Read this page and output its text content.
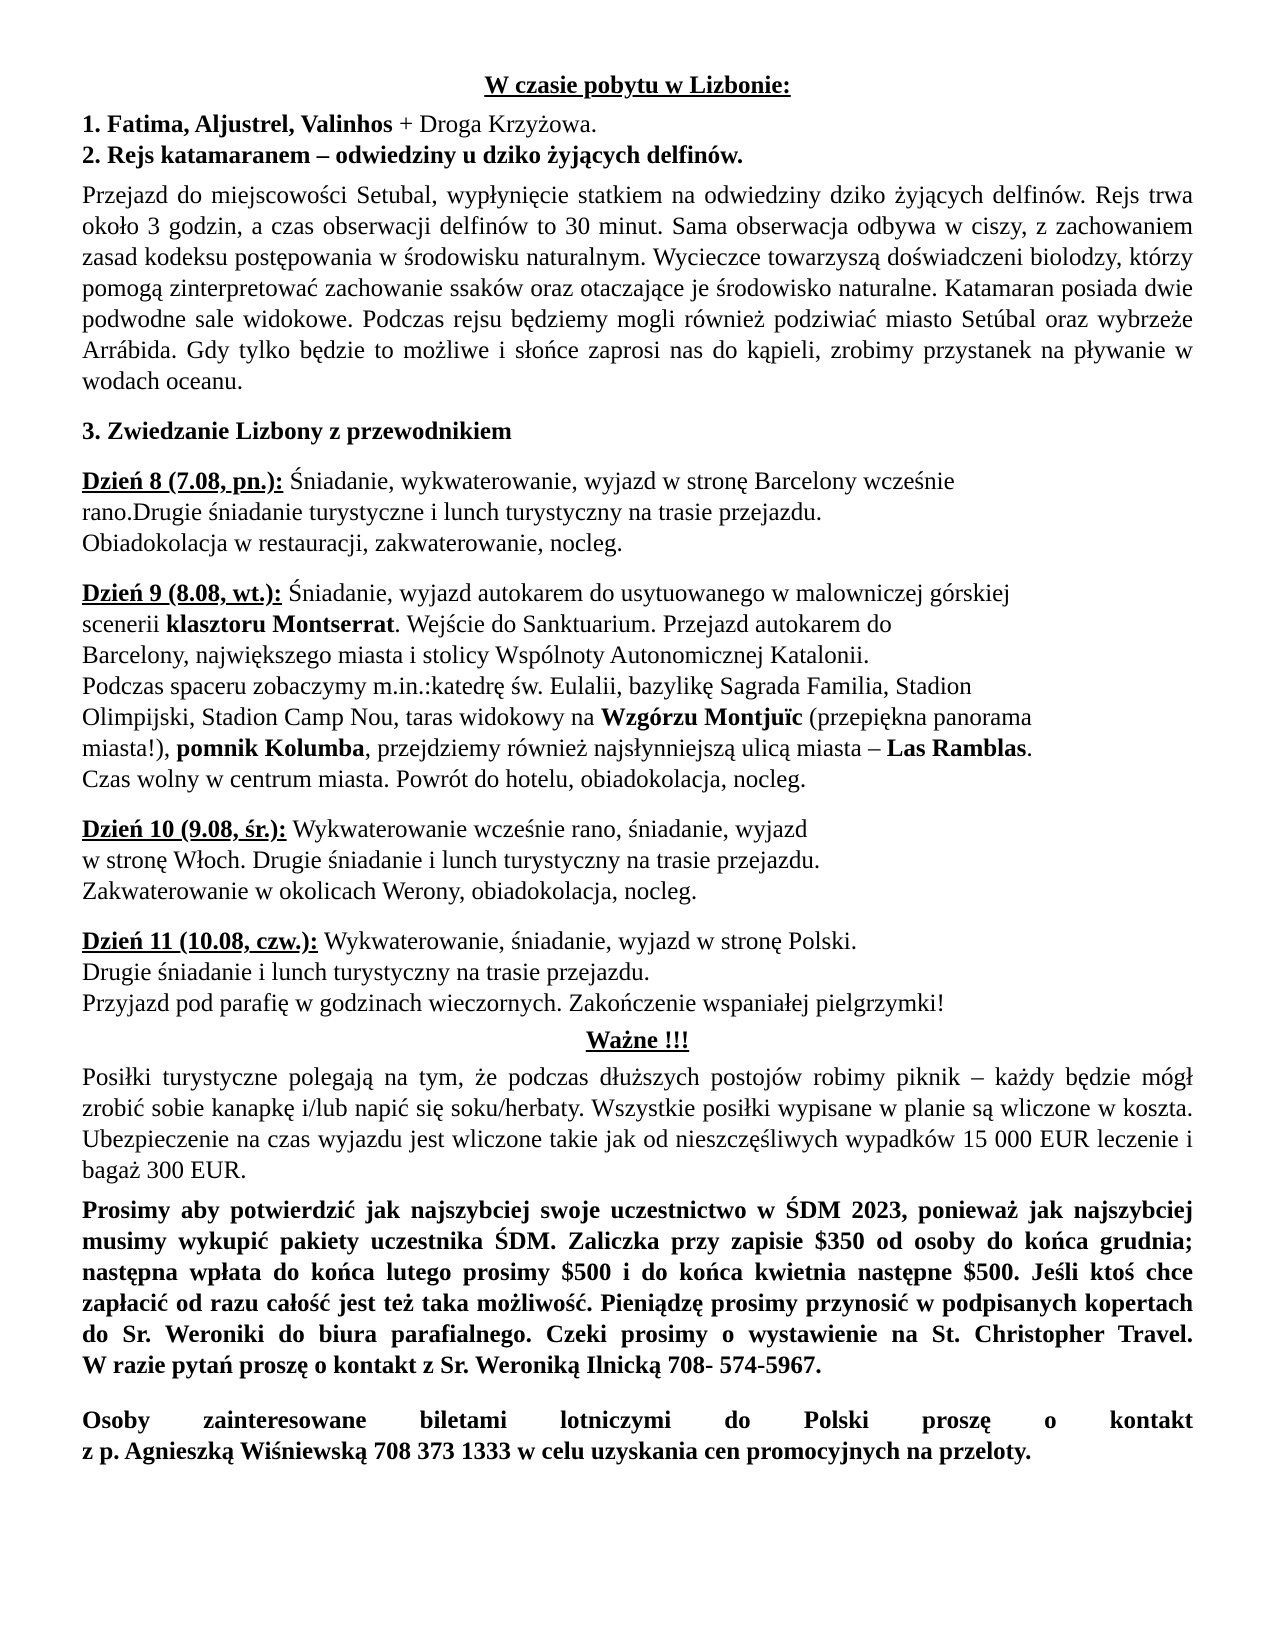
W czasie pobytu w Lizbonie:

1. Fatima, Aljustrel, Valinhos + Droga Krzyżowa.

2. Rejs katamaranem – odwiedziny u dziko żyjących delfinów.

Przejazd do miejscowości Setubal, wypłynięcie statkiem na odwiedziny dziko żyjących delfinów. Rejs trwa około 3 godzin, a czas obserwacji delfinów to 30 minut. Sama obserwacja odbywa w ciszy, z zachowaniem zasad kodeksu postępowania w środowisku naturalnym. Wycieczce towarzyszą doświadczeni biolodzy, którzy pomogą zinterpretować zachowanie ssaków oraz otaczające je środowisko naturalne. Katamaran posiada dwie podwodne sale widokowe. Podczas rejsu będziemy mogli również podziwiać miasto Setúbal oraz wybrzeże Arrábida. Gdy tylko będzie to możliwe i słońce zaprosi nas do kąpieli, zrobimy przystanek na pływanie w wodach oceanu.

3. Zwiedzanie Lizbony z przewodnikiem

Dzień 8 (7.08, pn.): Śniadanie, wykwaterowanie, wyjazd w stronę Barcelony wcześnie

rano.Drugie śniadanie turystyczne i lunch turystyczny na trasie przejazdu.

Obiadokolacja w restauracji, zakwaterowanie, nocleg.

Dzień 9 (8.08, wt.): Śniadanie, wyjazd autokarem do usytuowanego w malowniczej górskiej

scenerii klasztoru Montserrat. Wejście do Sanktuarium. Przejazd autokarem do

Barcelony, największego miasta i stolicy Wspólnoty Autonomicznej Katalonii.

Podczas spaceru zobaczymy m.in.:katedrę św. Eulalii, bazylikę Sagrada Familia, Stadion

Olimpijski, Stadion Camp Nou, taras widokowy na Wzgórzu Montjuïc (przepiękna panorama

miasta!), pomnik Kolumba, przejdziemy również najsłynniejszą ulicą miasta – Las Ramblas.

Czas wolny w centrum miasta. Powrót do hotelu, obiadokolacja, nocleg.

Dzień 10 (9.08, śr.): Wykwaterowanie wcześnie rano, śniadanie, wyjazd

w stronę Włoch. Drugie śniadanie i lunch turystyczny na trasie przejazdu.

Zakwaterowanie w okolicach Werony, obiadokolacja, nocleg.

Dzień 11 (10.08, czw.): Wykwaterowanie, śniadanie, wyjazd w stronę Polski.

Drugie śniadanie i lunch turystyczny na trasie przejazdu.

Przyjazd pod parafię w godzinach wieczornych. Zakończenie wspaniałej pielgrzymki!

Ważne !!!

Posiłki turystyczne polegają na tym, że podczas dłuższych postojów robimy piknik – każdy będzie mógł zrobić sobie kanapkę i/lub napić się soku/herbaty. Wszystkie posiłki wypisane w planie są wliczone w koszta. Ubezpieczenie na czas wyjazdu jest wliczone takie jak od nieszczęśliwych wypadków 15 000 EUR leczenie i bagaż 300 EUR.

Prosimy aby potwierdzić jak najszybciej swoje uczestnictwo w ŚDM 2023, ponieważ jak najszybciej musimy wykupić pakiety uczestnika ŚDM. Zaliczka przy zapisie $350 od osoby do końca grudnia; następna wpłata do końca lutego prosimy $500 i do końca kwietnia następne $500. Jeśli ktoś chce zapłacić od razu całość jest też taka możliwość. Pieniądzę prosimy przynosić w podpisanych kopertach do Sr. Weroniki do biura parafialnego. Czeki prosimy o wystawienie na St. Christopher Travel.

W razie pytań proszę o kontakt z Sr. Weroniką Ilnicką 708- 574-5967.

Osoby zainteresowane biletami lotniczymi do Polski proszę o kontakt

z p. Agnieszką Wiśniewską 708 373 1333 w celu uzyskania cen promocyjnych na przeloty.
